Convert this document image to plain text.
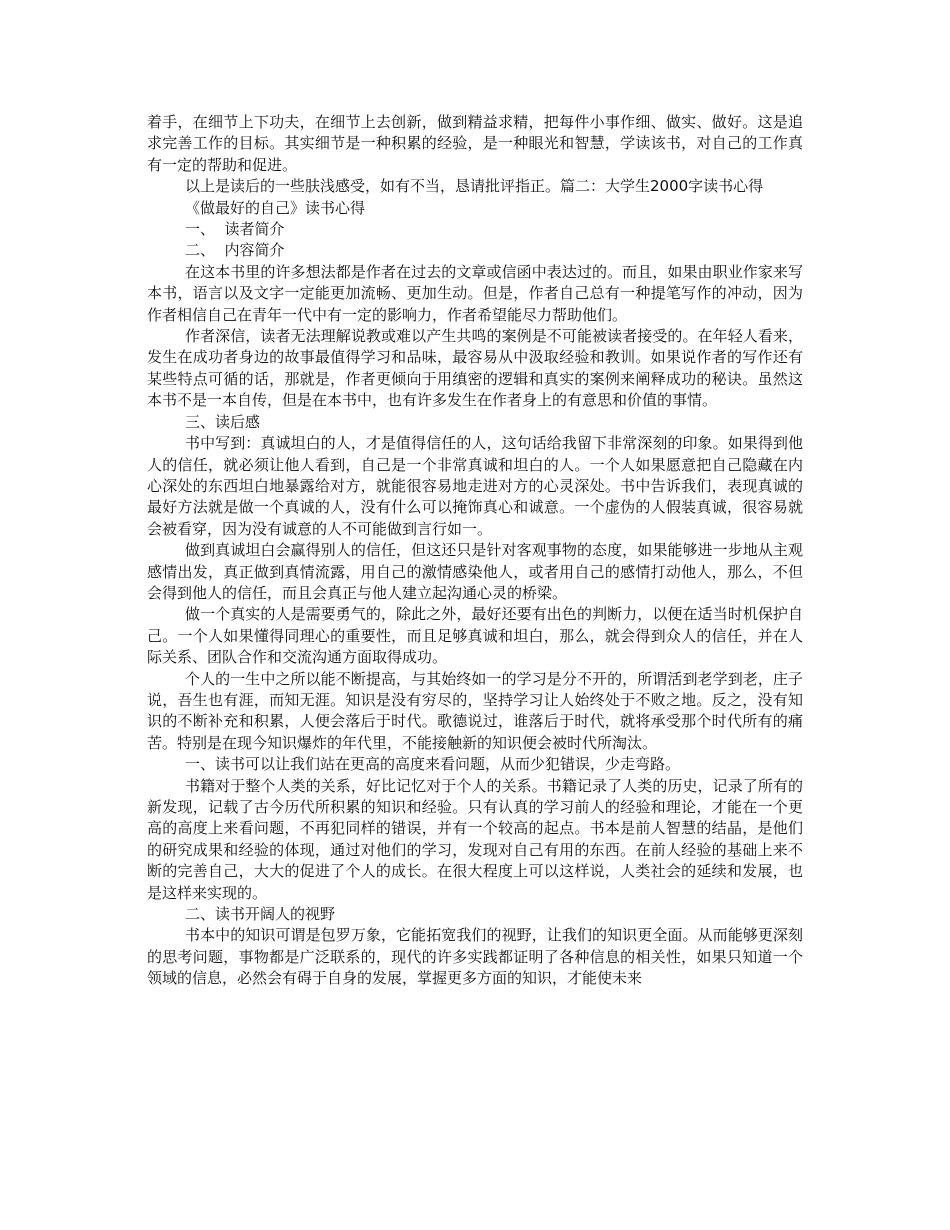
着手，在细节上下功夫，在细节上去创新，做到精益求精，把每件小事作细、做实、做好。这是追求完善工作的目标。其实细节是一种积累的经验，是一种眼光和智慧，学读该书，对自己的工作真有一定的帮助和促进。

以上是读后的一些肤浅感受，如有不当，恳请批评指正。篇二：大学生2000字读书心得

《做最好的自己》读书心得

一、  读者简介

二、  内容简介

在这本书里的许多想法都是作者在过去的文章或信函中表达过的。而且，如果由职业作家来写本书，语言以及文字一定能更加流畅、更加生动。但是，作者自己总有一种提笔写作的冲动，因为作者相信自己在青年一代中有一定的影响力，作者希望能尽力帮助他们。

作者深信，读者无法理解说教或难以产生共鸣的案例是不可能被读者接受的。在年轻人看来，发生在成功者身边的故事最值得学习和品味，最容易从中汲取经验和教训。如果说作者的写作还有某些特点可循的话，那就是，作者更倾向于用缜密的逻辑和真实的案例来阐释成功的秘诀。虽然这本书不是一本自传，但是在本书中，也有许多发生在作者身上的有意思和价值的事情。

三、读后感

书中写到：真诚坦白的人，才是值得信任的人，这句话给我留下非常深刻的印象。如果得到他人的信任，就必须让他人看到，自己是一个非常真诚和坦白的人。一个人如果愿意把自己隐藏在内心深处的东西坦白地暴露给对方，就能很容易地走进对方的心灵深处。书中告诉我们，表现真诚的最好方法就是做一个真诚的人，没有什么可以掩饰真心和诚意。一个虚伪的人假装真诚，很容易就会被看穿，因为没有诚意的人不可能做到言行如一。

做到真诚坦白会赢得别人的信任，但这还只是针对客观事物的态度，如果能够进一步地从主观感情出发，真正做到真情流露，用自己的激情感染他人，或者用自己的感情打动他人，那么，不但会得到他人的信任，而且会真正与他人建立起沟通心灵的桥梁。

做一个真实的人是需要勇气的，除此之外，最好还要有出色的判断力，以便在适当时机保护自己。一个人如果懂得同理心的重要性，而且足够真诚和坦白，那么，就会得到众人的信任，并在人际关系、团队合作和交流沟通方面取得成功。

个人的一生中之所以能不断提高，与其始终如一的学习是分不开的，所谓活到老学到老，庄子说，吾生也有涯，而知无涯。知识是没有穷尽的，坚持学习让人始终处于不败之地。反之，没有知识的不断补充和积累，人便会落后于时代。歌德说过，谁落后于时代，就将承受那个时代所有的痛苦。特别是在现今知识爆炸的年代里，不能接触新的知识便会被时代所淘汰。

一、读书可以让我们站在更高的高度来看问题，从而少犯错误，少走弯路。

书籍对于整个人类的关系，好比记忆对于个人的关系。书籍记录了人类的历史，记录了所有的新发现，记载了古今历代所积累的知识和经验。只有认真的学习前人的经验和理论，才能在一个更高的高度上来看问题，不再犯同样的错误，并有一个较高的起点。书本是前人智慧的结晶，是他们的研究成果和经验的体现，通过对他们的学习，发现对自己有用的东西。在前人经验的基础上来不断的完善自己，大大的促进了个人的成长。在很大程度上可以这样说，人类社会的延续和发展，也是这样来实现的。

二、读书开阔人的视野

书本中的知识可谓是包罗万象，它能拓宽我们的视野，让我们的知识更全面。从而能够更深刻的思考问题，事物都是广泛联系的，现代的许多实践都证明了各种信息的相关性，如果只知道一个领域的信息，必然会有碍于自身的发展，掌握更多方面的知识，才能使未来
